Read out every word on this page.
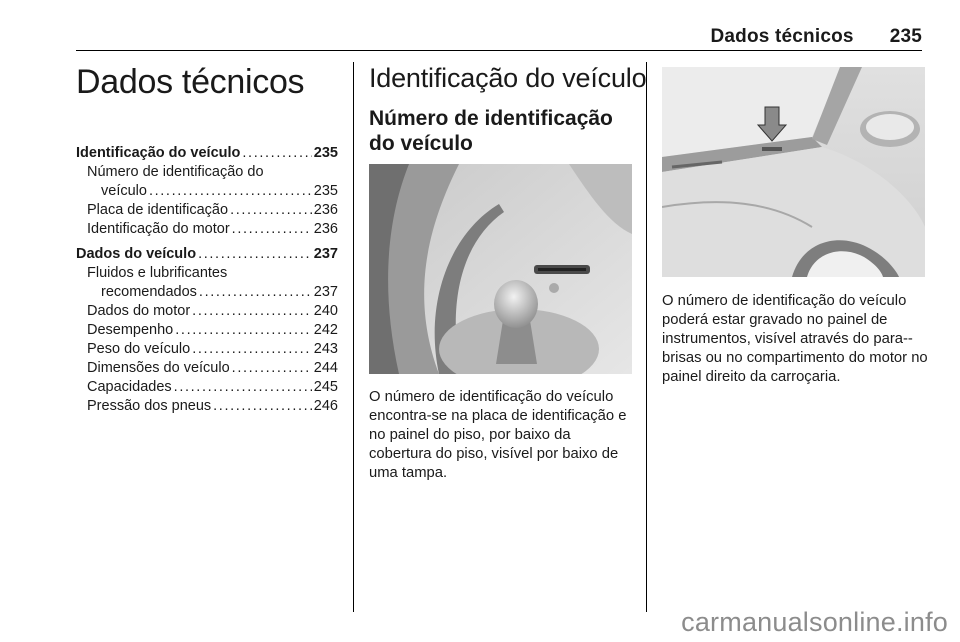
Dados técnicos 235
Dados técnicos
Identificação do veículo . . .	235
Número de identificação do
veículo . . .	235
Placa de identificação . . .	236
Identificação do motor . . .	236
Dados do veículo . . .	237
Fluidos e lubrificantes
recomendados . . .	237
Dados do motor . . .	240
Desempenho . . .	242
Peso do veículo . . .	243
Dimensões do veículo . . .	244
Capacidades . . .	245
Pressão dos pneus . . .	246
Identificação do veículo
Número de identificação do veículo
O número de identificação do veículo encontra-se na placa de identificação e no painel do piso, por baixo da cobertura do piso, visível por baixo de uma tampa.
O número de identificação do veículo poderá estar gravado no painel de instrumentos, visível através do para--brisas ou no compartimento do motor no painel direito da carroçaria.
carmanualsonline.info
